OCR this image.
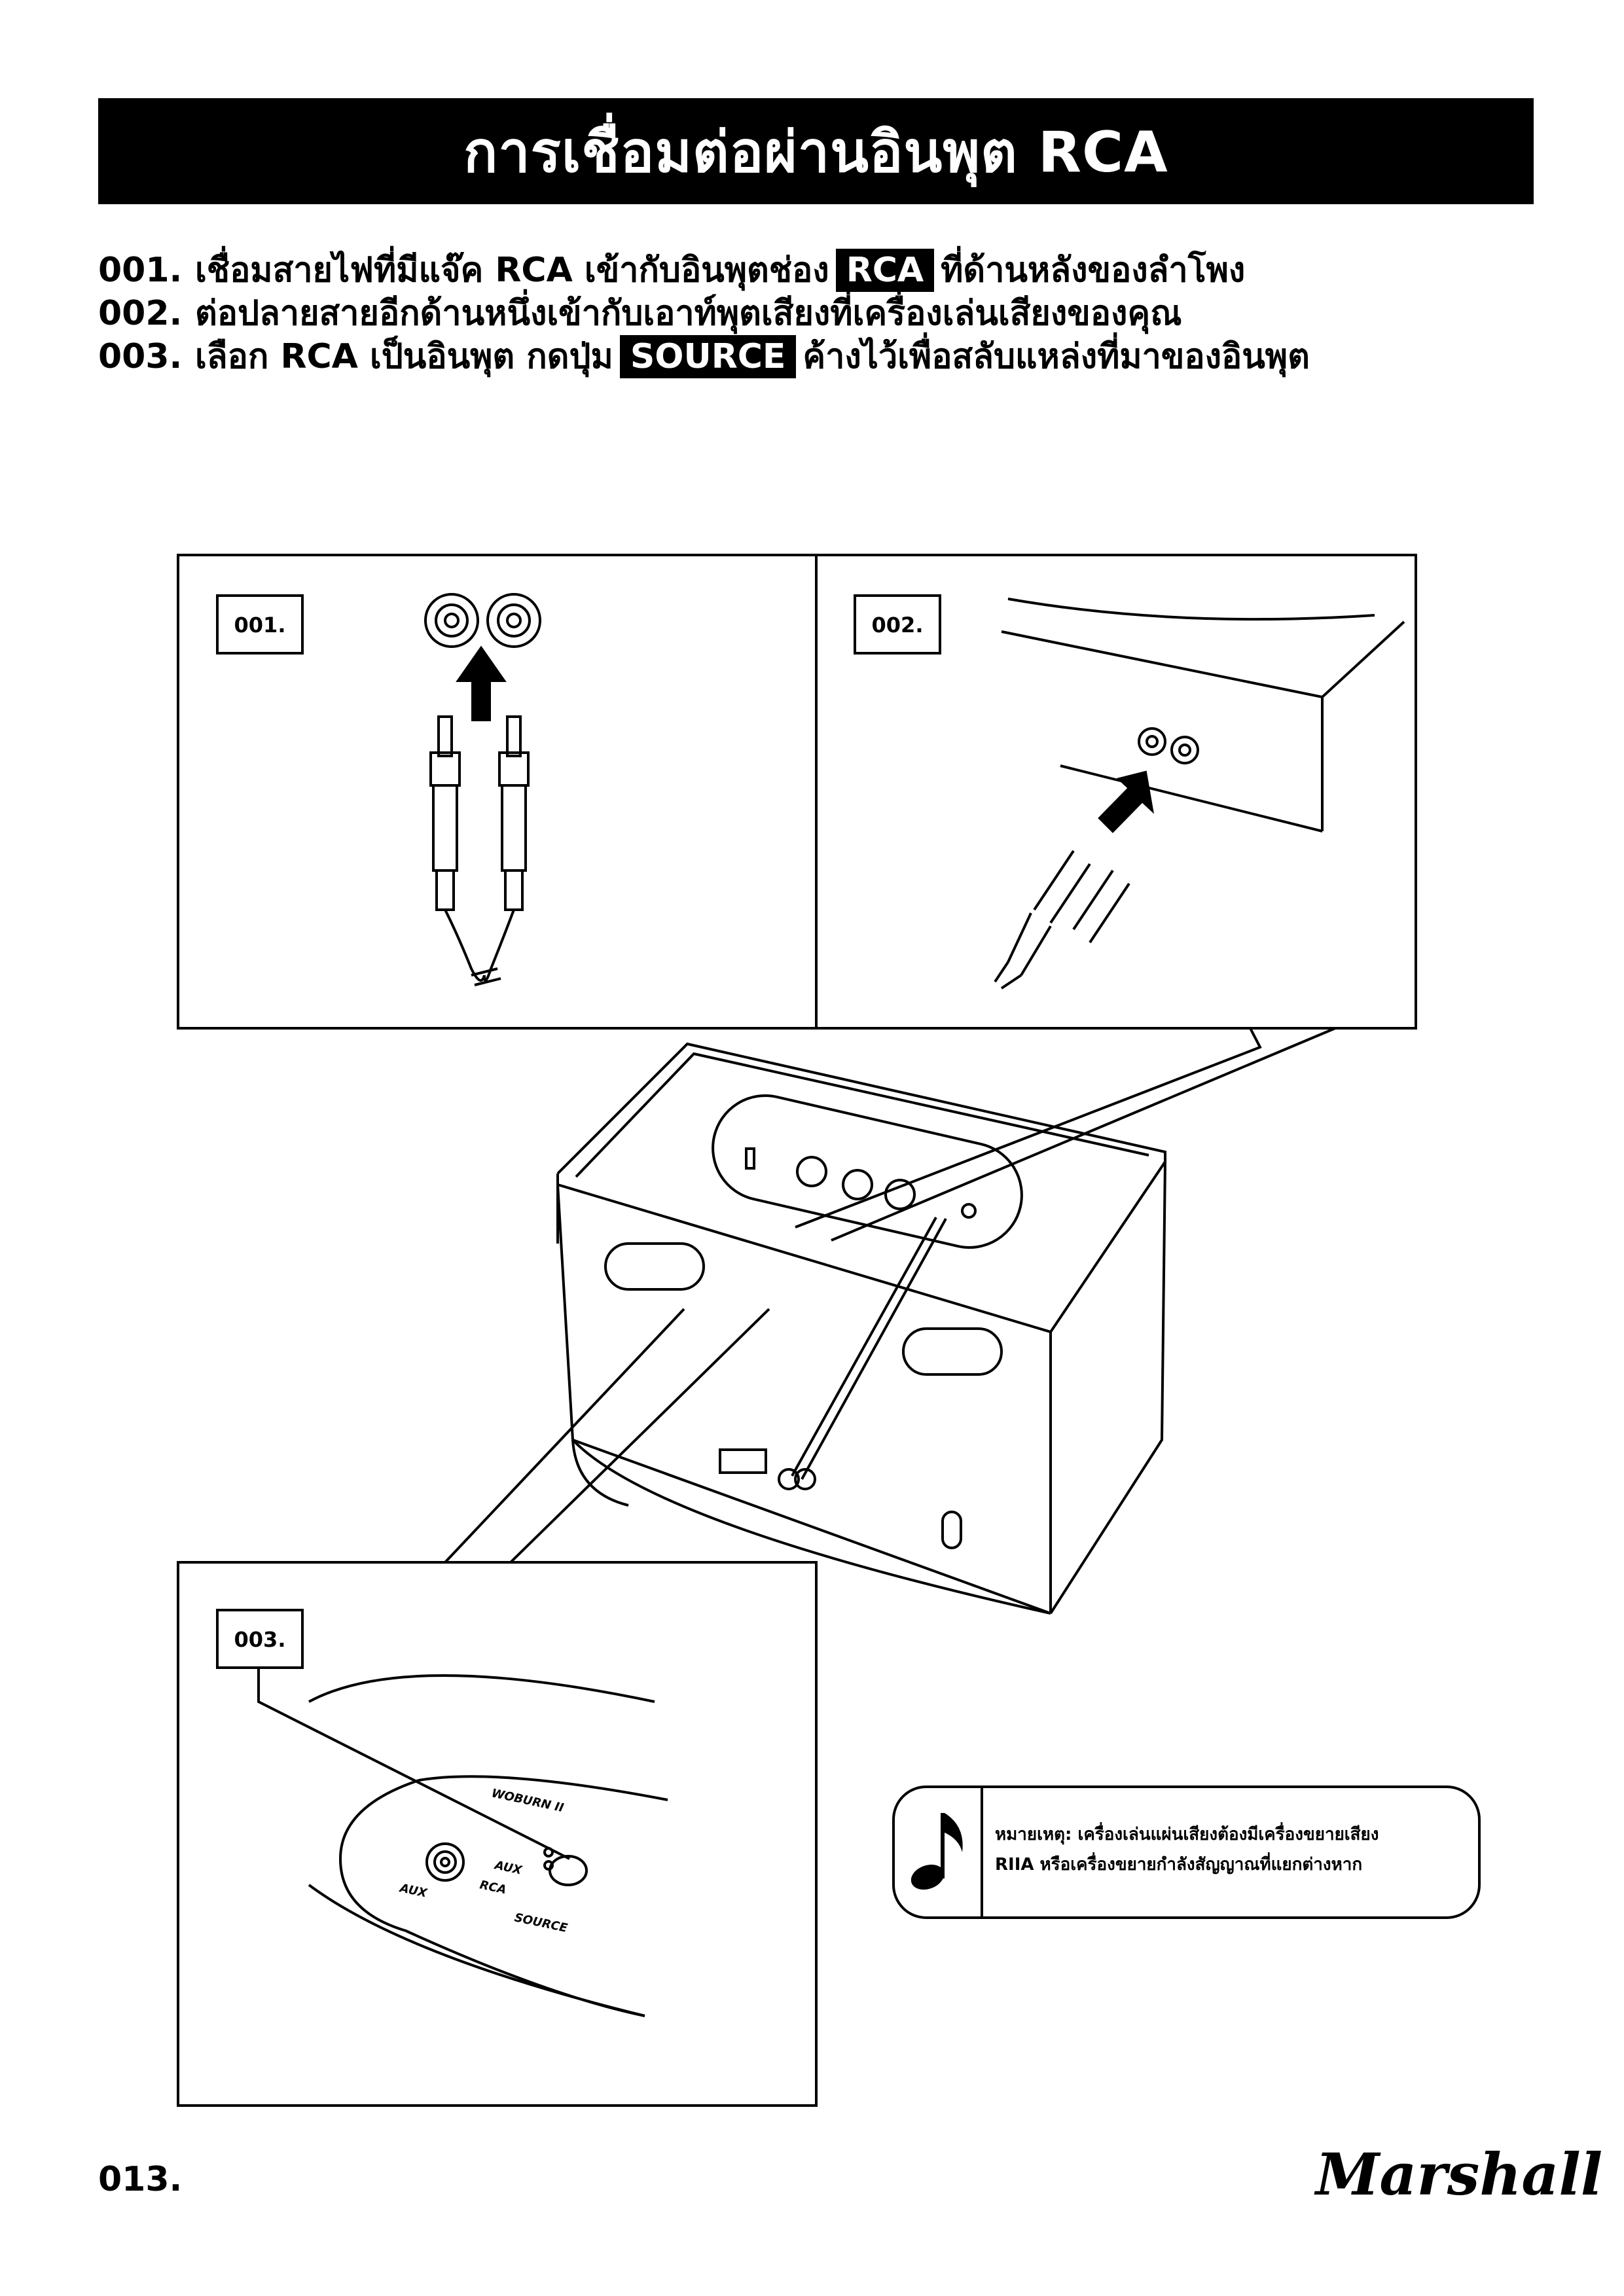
การเชื่อมต่อผ่านอินพุต RCA
001. เชื่อมสายไฟที่มีแจ๊ค RCA เข้ากับอินพุตช่อง RCA ที่ด้านหลังของลำโพง
002. ต่อปลายสายอีกด้านหนึ่งเข้ากับเอาท์พุตเสียงที่เครื่องเล่นเสียงของคุณ
003. เลือก RCA เป็นอินพุต กดปุ่ม SOURCE ค้างไว้เพื่อสลับแหล่งที่มาของอินพุต
001.	002.
003.
WOBURN II
AUX
AUX
RCA
SOURCE
หมายเหตุ: เครื่องเล่นแผ่นเสียงต้องมีเครื่องขยายเสียง
RIIA หรือเครื่องขยายกำลังสัญญาณที่แยกต่างหาก
013.	Marshall
